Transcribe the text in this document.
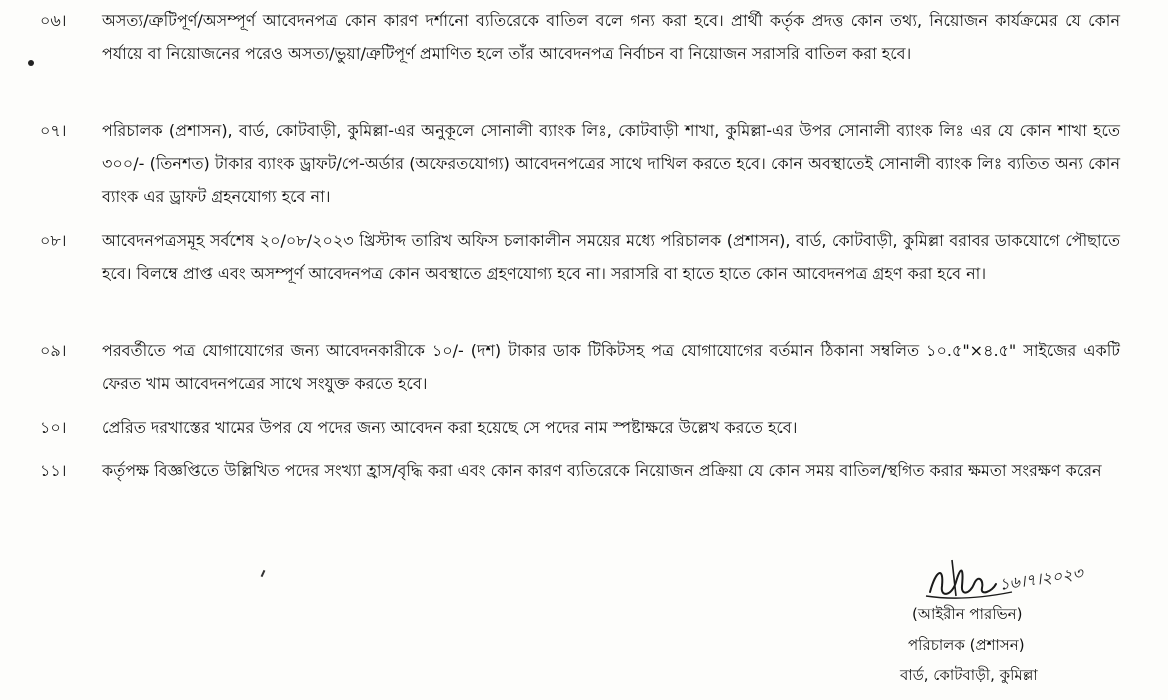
০৬।	অসত্য/ত্রুটিপূর্ণ/অসম্পূর্ণ আবেদনপত্র কোন কারণ দর্শানো ব্যতিরেকে বাতিল বলে গন্য করা হবে। প্রার্থী কর্তৃক প্রদত্ত কোন তথ্য, নিয়োজন কার্যক্রমের যে কোন পর্যায়ে বা নিয়োজনের পরেও অসত্য/ভুয়া/ত্রুটিপূর্ণ প্রমাণিত হলে তাঁর আবেদনপত্র নির্বাচন বা নিয়োজন সরাসরি বাতিল করা হবে।
০৭।	পরিচালক (প্রশাসন), বার্ড, কোটবাড়ী, কুমিল্লা-এর অনুকূলে সোনালী ব্যাংক লিঃ, কোটবাড়ী শাখা, কুমিল্লা-এর উপর সোনালী ব্যাংক লিঃ এর যে কোন শাখা হতে ৩০০/- (তিনশত) টাকার ব্যাংক ড্রাফট/পে-অর্ডার (অফেরতযোগ্য) আবেদনপত্রের সাথে দাখিল করতে হবে। কোন অবস্থাতেই সোনালী ব্যাংক লিঃ ব্যতিত অন্য কোন ব্যাংক এর ড্রাফট গ্রহনযোগ্য হবে না।
০৮।	আবেদনপত্রসমূহ সর্বশেষ ২০/০৮/২০২৩ খ্রিস্টাব্দ তারিখ অফিস চলাকালীন সময়ের মধ্যে পরিচালক (প্রশাসন), বার্ড, কোটবাড়ী, কুমিল্লা বরাবর ডাকযোগে পৌছাতে হবে। বিলম্বে প্রাপ্ত এবং অসম্পূর্ণ আবেদনপত্র কোন অবস্থাতে গ্রহণযোগ্য হবে না। সরাসরি বা হাতে হাতে কোন আবেদনপত্র গ্রহণ করা হবে না।
০৯।	পরবর্তীতে পত্র যোগাযোগের জন্য আবেদনকারীকে ১০/- (দশ) টাকার ডাক টিকিটসহ পত্র যোগাযোগের বর্তমান ঠিকানা সম্বলিত ১০.৫"×৪.৫" সাইজের একটি ফেরত খাম আবেদনপত্রের সাথে সংযুক্ত করতে হবে।
১০।	প্রেরিত দরখাস্তের খামের উপর যে পদের জন্য আবেদন করা হয়েছে সে পদের নাম স্পষ্টাক্ষরে উল্লেখ করতে হবে।
১১।	কর্তৃপক্ষ বিজ্ঞপ্তিতে উল্লিখিত পদের সংখ্যা হ্রাস/বৃদ্ধি করা এবং কোন কারণ ব্যতিরেকে নিয়োজন প্রক্রিয়া যে কোন সময় বাতিল/স্থগিত করার ক্ষমতা সংরক্ষণ করেন
১৬।৭।২০২৩
(আইরীন পারভিন)
পরিচালক (প্রশাসন)
বার্ড, কোটবাড়ী, কুমিল্লা
